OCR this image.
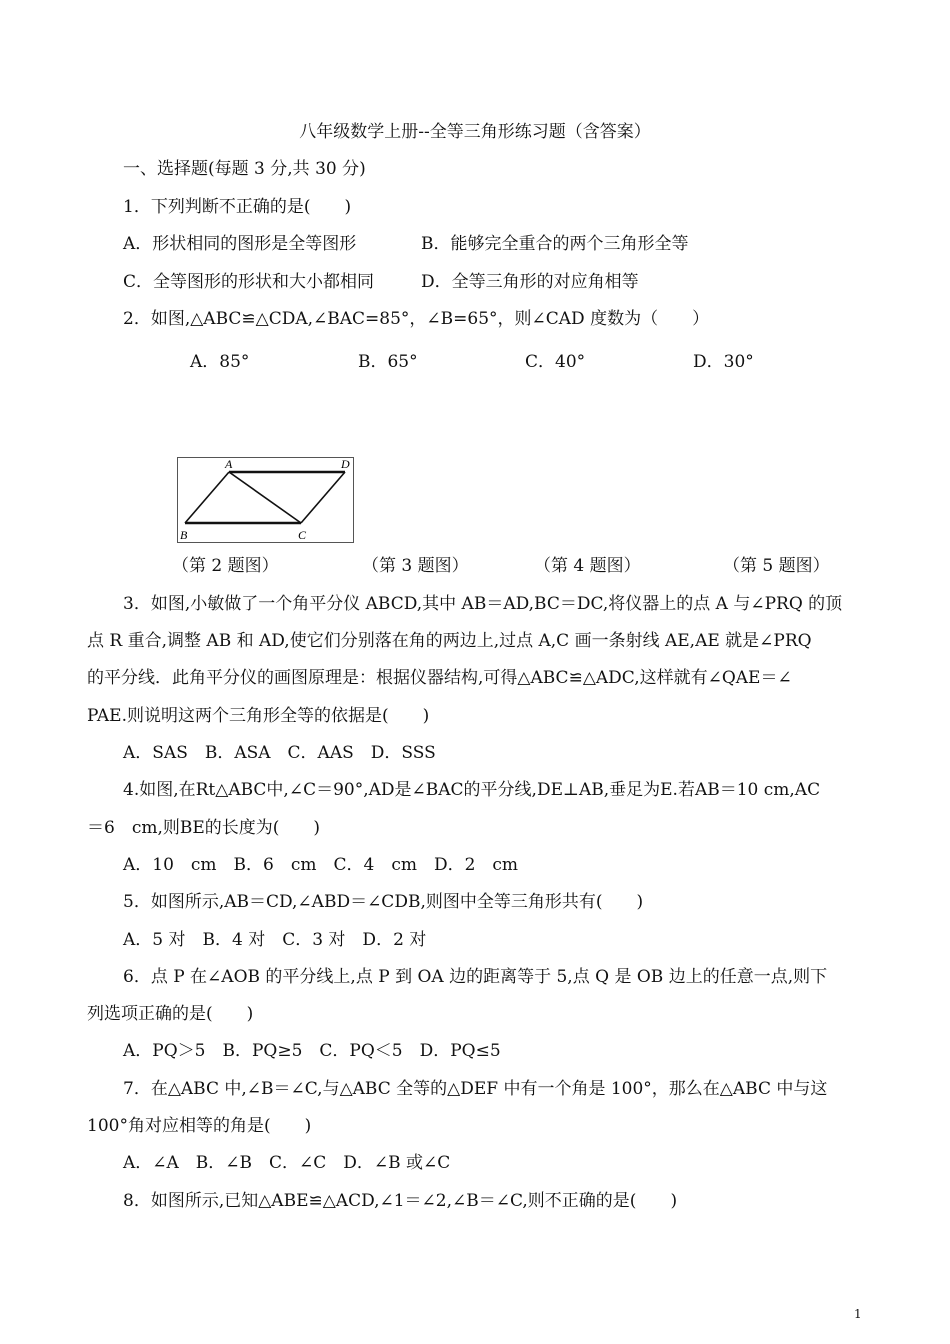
八年级数学上册--全等三角形练习题（含答案）
一、选择题(每题 3 分,共 30 分)
1．下列判断不正确的是(　　)
A．形状相同的图形是全等图形	B．能够完全重合的两个三角形全等
C．全等图形的形状和大小都相同	D．全等三角形的对应角相等
2．如图,△ABC≌△CDA,∠BAC=85°，∠B=65°，则∠CAD 度数为（　　）
A．85°	B．65°	C．40°	D．30°
A	D
B	C
（第 2 题图）	（第 3 题图）	（第 4 题图）	（第 5 题图）
3．如图,小敏做了一个角平分仪 ABCD,其中 AB＝AD,BC＝DC,将仪器上的点 A 与∠PRQ 的顶
点 R 重合,调整 AB 和 AD,使它们分别落在角的两边上,过点 A,C 画一条射线 AE,AE 就是∠PRQ
的平分线．此角平分仪的画图原理是：根据仪器结构,可得△ABC≌△ADC,这样就有∠QAE＝∠
PAE.则说明这两个三角形全等的依据是(　　)
A．SAS　B．ASA　C．AAS　D．SSS
4.如图,在Rt△ABC中,∠C＝90°,AD是∠BAC的平分线,DE⊥AB,垂足为E.若AB＝10 cm,AC
＝6　cm,则BE的长度为(　　)
A．10　cm　B．6　cm　C．4　cm　D．2　cm
5．如图所示,AB＝CD,∠ABD＝∠CDB,则图中全等三角形共有(　　)
A．5 对　B．4 对　C．3 对　D．2 对
6．点 P 在∠AOB 的平分线上,点 P 到 OA 边的距离等于 5,点 Q 是 OB 边上的任意一点,则下
列选项正确的是(　　)
A．PQ＞5　B．PQ≥5　C．PQ＜5　D．PQ≤5
7．在△ABC 中,∠B＝∠C,与△ABC 全等的△DEF 中有一个角是 100°，那么在△ABC 中与这
100°角对应相等的角是(　　)
A．∠A　B．∠B　C．∠C　D．∠B 或∠C
8．如图所示,已知△ABE≌△ACD,∠1＝∠2,∠B＝∠C,则不正确的是(　　)
1
